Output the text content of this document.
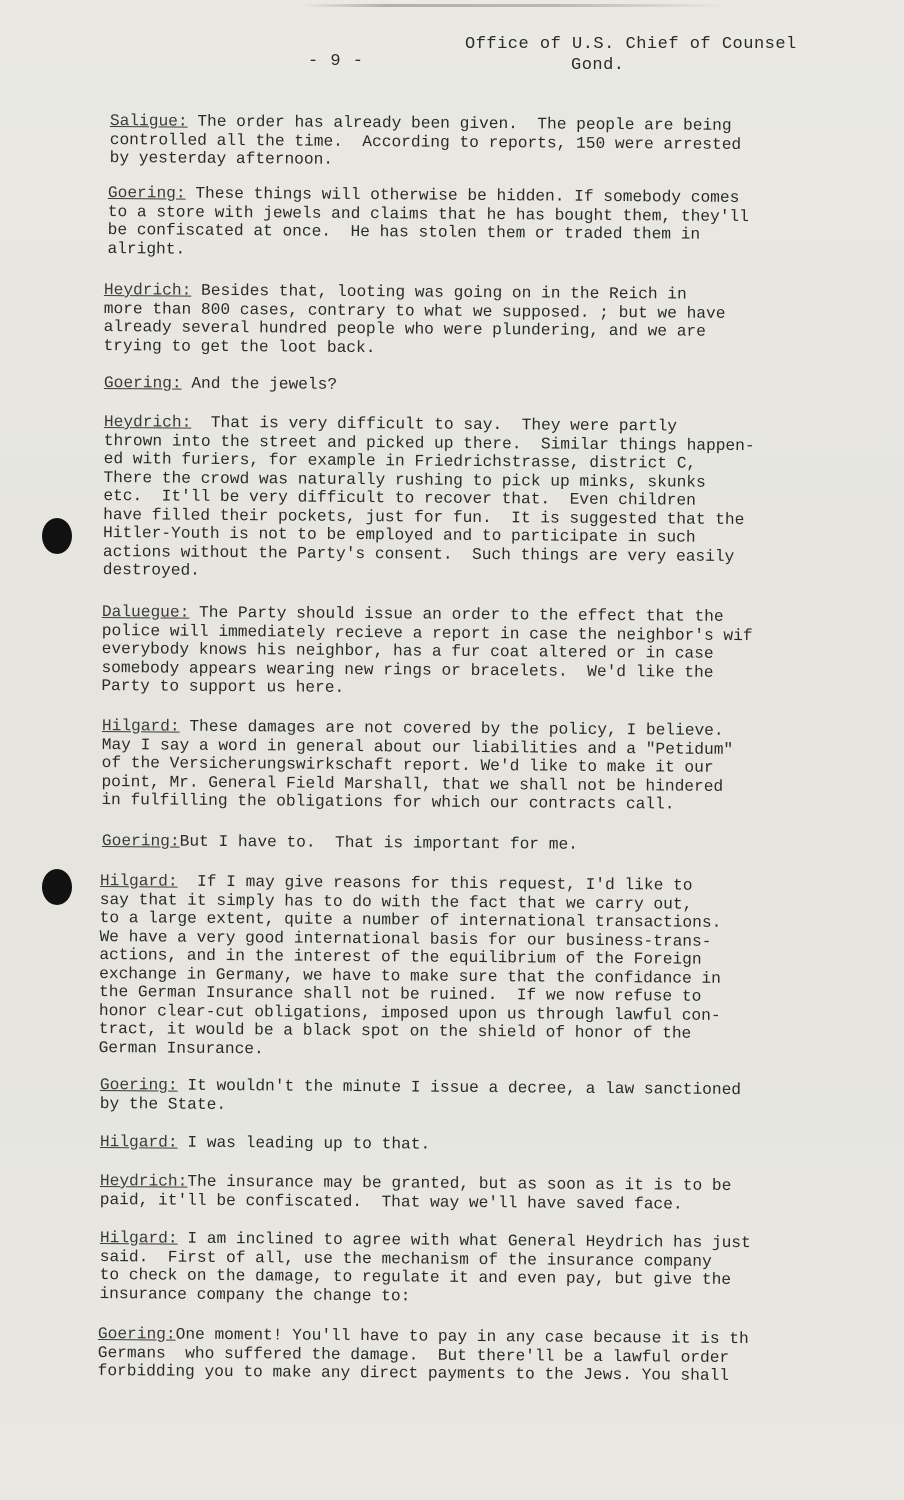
- 9 -
Office of U.S. Chief of Counsel
Gond.
Saligue: The order has already been given.  The people are being
controlled all the time.  According to reports, 150 were arrested
by yesterday afternoon.
Goering: These things will otherwise be hidden. If somebody comes
to a store with jewels and claims that he has bought them, they'll
be confiscated at once.  He has stolen them or traded them in
alright.
Heydrich: Besides that, looting was going on in the Reich in
more than 800 cases, contrary to what we supposed. ; but we have
already several hundred people who were plundering, and we are
trying to get the loot back.
Goering: And the jewels?
Heydrich:  That is very difficult to say.  They were partly
thrown into the street and picked up there.  Similar things happen-
ed with furiers, for example in Friedrichstrasse, district C,
There the crowd was naturally rushing to pick up minks, skunks
etc.  It'll be very difficult to recover that.  Even children
have filled their pockets, just for fun.  It is suggested that the
Hitler-Youth is not to be employed and to participate in such
actions without the Party's consent.  Such things are very easily
destroyed.
Daluegue: The Party should issue an order to the effect that the
police will immediately recieve a report in case the neighbor's wif
everybody knows his neighbor, has a fur coat altered or in case
somebody appears wearing new rings or bracelets.  We'd like the
Party to support us here.
Hilgard: These damages are not covered by the policy, I believe.
May I say a word in general about our liabilities and a "Petidum"
of the Versicherungswirkschaft report. We'd like to make it our
point, Mr. General Field Marshall, that we shall not be hindered
in fulfilling the obligations for which our contracts call.
Goering:But I have to.  That is important for me.
Hilgard:  If I may give reasons for this request, I'd like to
say that it simply has to do with the fact that we carry out,
to a large extent, quite a number of international transactions.
We have a very good international basis for our business-trans-
actions, and in the interest of the equilibrium of the Foreign
exchange in Germany, we have to make sure that the confidance in
the German Insurance shall not be ruined.  If we now refuse to
honor clear-cut obligations, imposed upon us through lawful con-
tract, it would be a black spot on the shield of honor of the
German Insurance.
Goering: It wouldn't the minute I issue a decree, a law sanctioned
by the State.
Hilgard: I was leading up to that.
Heydrich:The insurance may be granted, but as soon as it is to be
paid, it'll be confiscated.  That way we'll have saved face.
Hilgard: I am inclined to agree with what General Heydrich has just
said.  First of all, use the mechanism of the insurance company
to check on the damage, to regulate it and even pay, but give the
insurance company the change to:
Goering:One moment! You'll have to pay in any case because it is th
Germans  who suffered the damage.  But there'll be a lawful order
forbidding you to make any direct payments to the Jews. You shall
